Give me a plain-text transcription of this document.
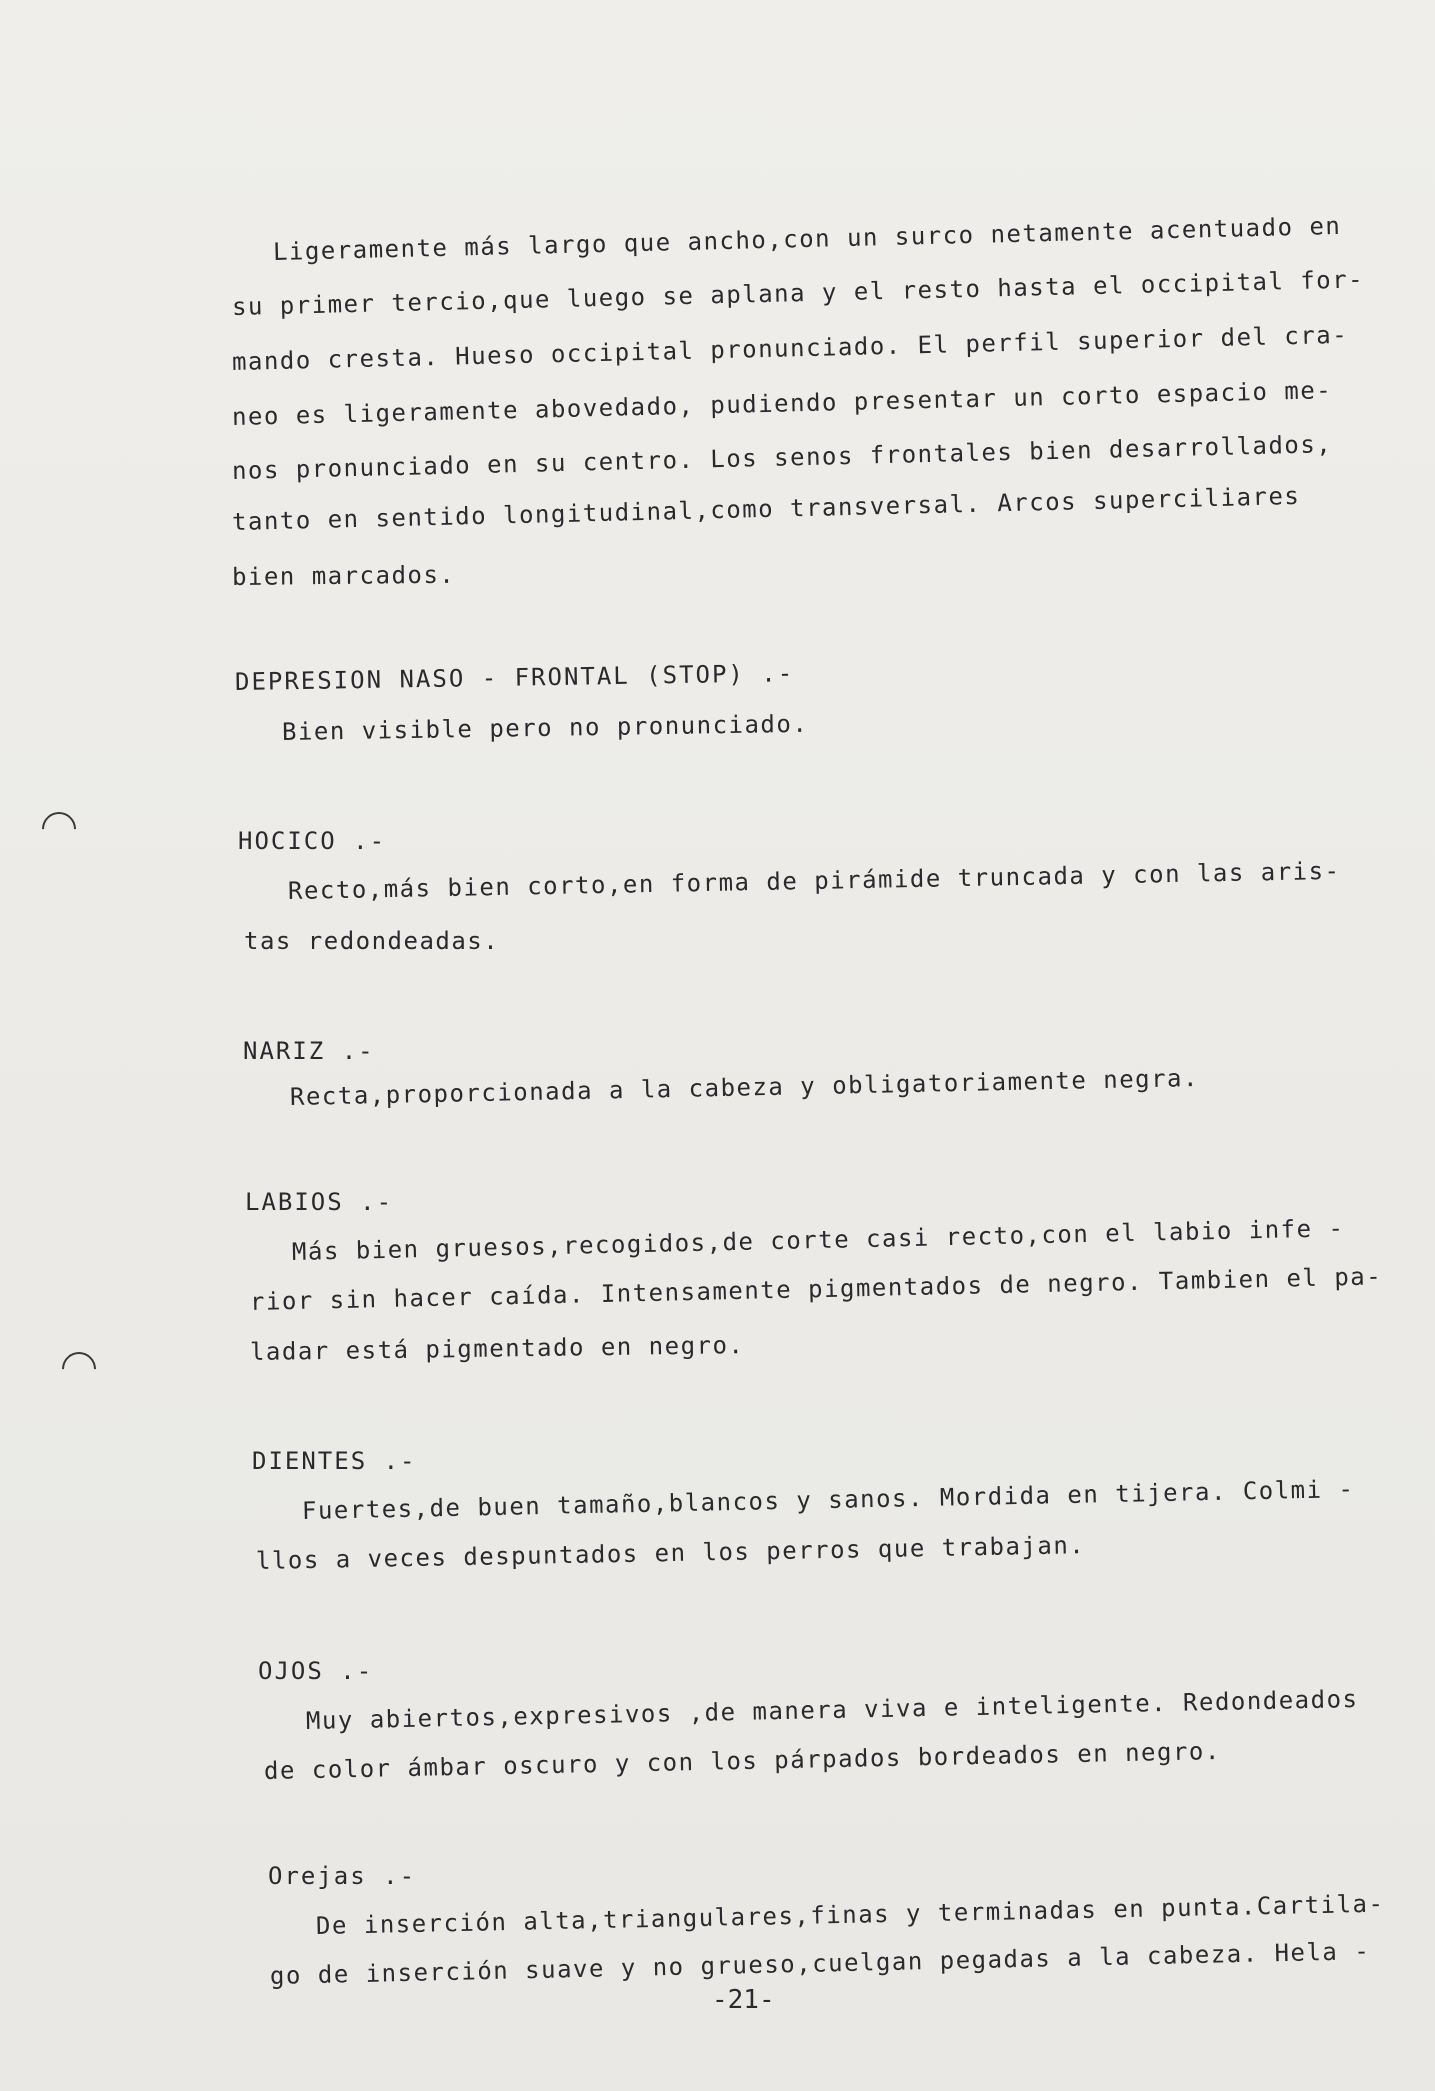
Ligeramente más largo que ancho,con un surco netamente acentuado en
su primer tercio,que luego se aplana y el resto hasta el occipital for-
mando cresta. Hueso occipital pronunciado. El perfil superior del cra-
neo es ligeramente abovedado, pudiendo presentar un corto espacio me-
nos pronunciado en su centro. Los senos frontales bien desarrollados,
tanto en sentido longitudinal,como transversal. Arcos superciliares
bien marcados.
DEPRESION NASO - FRONTAL (STOP) .-
Bien visible pero no pronunciado.
HOCICO .-
Recto,más bien corto,en forma de pirámide truncada y con las aris-
tas redondeadas.
NARIZ .-
Recta,proporcionada a la cabeza y obligatoriamente negra.
LABIOS .-
Más bien gruesos,recogidos,de corte casi recto,con el labio infe -
rior sin hacer caída. Intensamente pigmentados de negro. Tambien el pa-
ladar está pigmentado en negro.
DIENTES .-
Fuertes,de buen tamaño,blancos y sanos. Mordida en tijera. Colmi -
llos a veces despuntados en los perros que trabajan.
OJOS .-
Muy abiertos,expresivos ,de manera viva e inteligente. Redondeados
de color ámbar oscuro y con los párpados bordeados en negro.
Orejas .-
De inserción alta,triangulares,finas y terminadas en punta.Cartila-
go de inserción suave y no grueso,cuelgan pegadas a la cabeza. Hela -
-21-
